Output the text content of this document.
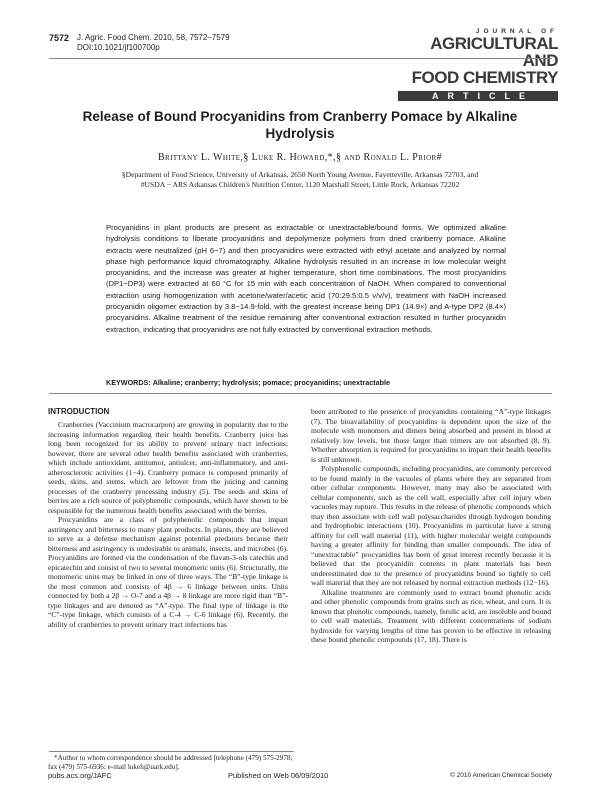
7572 J. Agric. Food Chem. 2010, 58, 7572–7579
DOI:10.1021/jf100700p
JOURNAL OF
AGRICULTURAL AND
FOOD CHEMISTRY
ARTICLE
Release of Bound Procyanidins from Cranberry Pomace by Alkaline Hydrolysis
Brittany L. White,§ Luke R. Howard,*,§ and Ronald L. Prior#
§Department of Food Science, University of Arkansas, 2650 North Young Avenue, Fayetteville, Arkansas 72703, and #USDA − ARS Arkansas Children's Nutrition Center, 1120 Marshall Street, Little Rock, Arkansas 72202
Procyanidins in plant products are present as extractable or unextractable/bound forms. We optimized alkaline hydrolysis conditions to liberate procyanidins and depolymerize polymers from dried cranberry pomace. Alkaline extracts were neutralized (pH 6−7) and then procyanidins were extracted with ethyl acetate and analyzed by normal phase high performance liquid chromatography. Alkaline hydrolysis resulted in an increase in low molecular weight procyanidins, and the increase was greater at higher temperature, short time combinations. The most procyanidins (DP1−DP3) were extracted at 60 °C for 15 min with each concentration of NaOH. When compared to conventional extraction using homogenization with acetone/water/acetic acid (70:29.5:0.5 v/v/v), treatment with NaOH increased procyanidin oligomer extraction by 3.8−14.9-fold, with the greatest increase being DP1 (14.9×) and A-type DP2 (8.4×) procyanidins. Alkaline treatment of the residue remaining after conventional extraction resulted in further procyanidin extraction, indicating that procyanidins are not fully extracted by conventional extraction methods.
KEYWORDS: Alkaline; cranberry; hydrolysis; pomace; procyanidins; unextractable
INTRODUCTION

Cranberries (Vaccinium macrocarpon) are growing in popularity due to the increasing information regarding their health benefits. Cranberry juice has long been recognized for its ability to prevent urinary tract infections; however, there are several other health benefits associated with cranberries, which include antioxidant, antitumor, antiulcer, anti-inflammatory, and anti-atherosclerotic activities (1−4). Cranberry pomace is composed primarily of seeds, skins, and stems, which are leftover from the juicing and canning processes of the cranberry processing industry (5). The seeds and skins of berries are a rich source of polyphenolic compounds, which have shown to be responsible for the numerous health benefits associated with the berries.

Procyanidins are a class of polyphenolic compounds that impart astringency and bitterness to many plant products. In plants, they are believed to serve as a defense mechanism against potential predators because their bitterness and astringency is undesirable to animals, insects, and microbes (6). Procyanidins are formed via the condensation of the flavan-3-ols catechin and epicatechin and consist of two to several monomeric units (6). Structurally, the monomeric units may be linked in one of three ways. The “B”-type linkage is the most common and consists of 4β → 6 linkage between units. Units connected by both a 2β → O-7 and a 4β → 8 linkage are more rigid than “B”-type linkages and are denoted as “A”-type. The final type of linkage is the “C”-type linkage, which consists of a C-4 → C-6 linkage (6). Recently, the ability of cranberries to prevent urinary tract infections has

been attributed to the presence of procyanidins containing “A”-type linkages (7). The bioavailability of procyanidins is dependent upon the size of the molecule with monomers and dimers being absorbed and present in blood at relatively low levels, but those larger than trimers are not absorbed (8, 9). Whether absorption is required for procyanidins to impart their health benefits is still unknown.

Polyphenolic compounds, including procyanidins, are commonly perceived to be found mainly in the vacuoles of plants where they are separated from other cellular components. However, many may also be associated with cellular components, such as the cell wall, especially after cell injury when vacuoles may rupture. This results in the release of phenolic compounds which may then associate with cell wall polysaccharides through hydrogen bonding and hydrophobic interactions (10). Procyanidins in particular have a strong affinity for cell wall material (11), with higher molecular weight compounds having a greater affinity for binding than smaller compounds. The idea of “unextractable” procyanidins has been of great interest recently because it is believed that the procyanidin contents in plant materials has been underestimated due to the presence of procyanidins bound so tightly to cell wall material that they are not released by normal extraction methods (12−16).

Alkaline treatments are commonly used to extract bound phenolic acids and other phenolic compounds from grains such as rice, wheat, and corn. It is known that phenolic compounds, namely, ferulic acid, are insoluble and bound to cell wall materials. Treatment with different concentrations of sodium hydroxide for varying lengths of time has proven to be effective in releasing these bound phenolic compounds (17, 18). There is

*Author to whom correspondence should be addressed [telephone (479) 575-2978; fax (479) 575-6936; e-mail lukeh@uark.edu].

pubs.acs.org/JAFC	Published on Web 06/09/2010	© 2010 American Chemical Society
